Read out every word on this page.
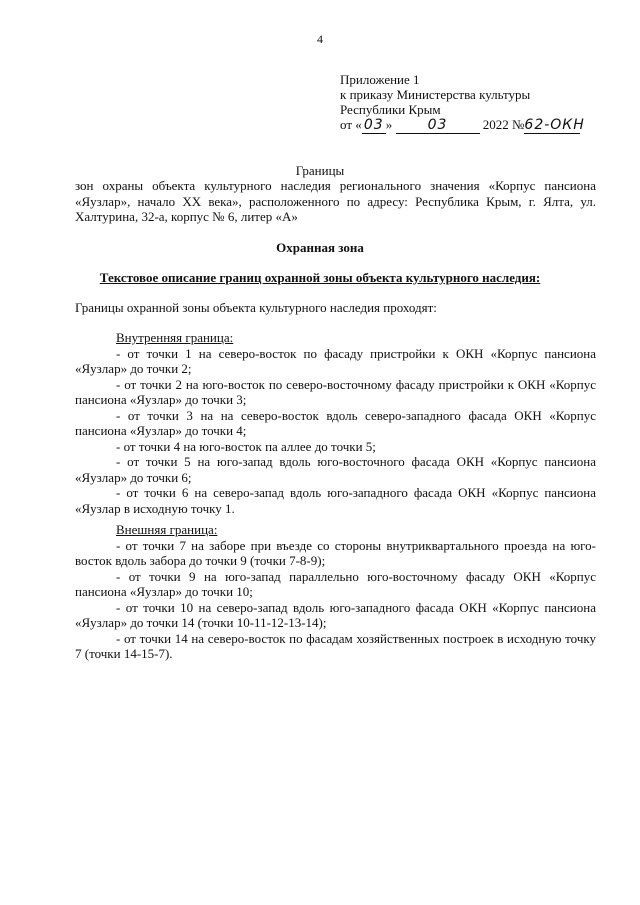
4
Приложение 1
к приказу Министерства культуры
Республики Крым
от « 03 »	03	2022 №62-ОКН
Границы
зон охраны объекта культурного наследия регионального значения «Корпус пансиона «Яузлар», начало XX века», расположенного по адресу: Республика Крым, г. Ялта, ул. Халтурина, 32-а, корпус № 6, литер «А»
Охранная зона
Текстовое описание границ охранной зоны объекта культурного наследия:
Границы охранной зоны объекта культурного наследия проходят:
Внутренняя граница:
- от точки 1 на северо-восток по фасаду пристройки к ОКН «Корпус пансиона «Яузлар» до точки 2;
- от точки 2 на юго-восток по северо-восточному фасаду пристройки к ОКН «Корпус пансиона «Яузлар» до точки 3;
- от точки 3 на на северо-восток вдоль северо-западного фасада ОКН «Корпус пансиона «Яузлар» до точки 4;
- от точки 4 на юго-восток па аллее до точки 5;
- от точки 5 на юго-запад вдоль юго-восточного фасада ОКН «Корпус пансиона «Яузлар» до точки 6;
- от точки 6 на северо-запад вдоль юго-западного фасада ОКН «Корпус пансиона «Яузлар в исходную точку 1.
Внешняя граница:
- от точки 7 на заборе при въезде со стороны внутриквартального проезда на юго-восток вдоль забора до точки 9 (точки 7-8-9);
- от точки 9 на юго-запад параллельно юго-восточному фасаду ОКН «Корпус пансиона «Яузлар» до точки 10;
- от точки 10 на северо-запад вдоль юго-западного фасада ОКН «Корпус пансиона «Яузлар» до точки 14 (точки 10-11-12-13-14);
- от точки 14 на северо-восток по фасадам хозяйственных построек в исходную точку 7 (точки 14-15-7).
